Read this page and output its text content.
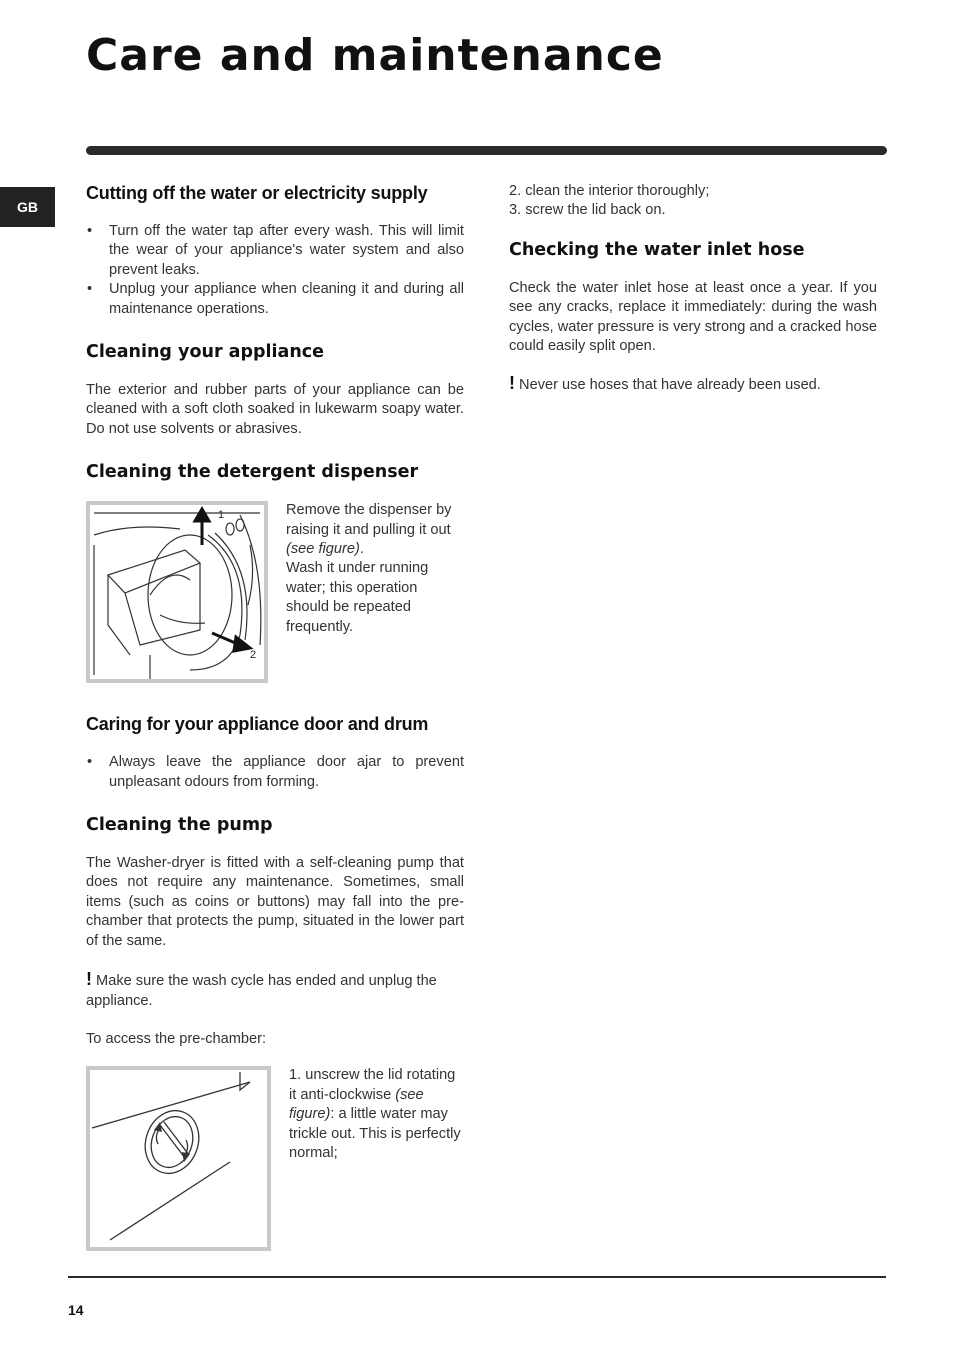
Care and maintenance
GB
Cutting off the water or electricity supply
• Turn off the water tap after every wash. This will limit the wear of your appliance's water system and also prevent leaks.
• Unplug your appliance when cleaning it and during all maintenance operations.
Cleaning your appliance

The exterior and rubber parts of your appliance can be cleaned with a soft cloth soaked in lukewarm soapy water. Do not use solvents or abrasives.

Cleaning the detergent dispenser
1
2

Remove the dispenser by raising it and pulling it out (see figure).

Wash it under running water; this operation should be repeated frequently.

Caring for your appliance door and drum
• Always leave the appliance door ajar to prevent unpleasant odours from forming.
Cleaning the pump

The Washer-dryer is fitted with a self-cleaning pump that does not require any maintenance. Sometimes, small items (such as coins or buttons) may fall into the pre-chamber that protects the pump, situated in the lower part of the same.

! Make sure the wash cycle has ended and unplug the appliance.

To access the pre-chamber:

1. unscrew the lid rotating it anti-clockwise (see figure): a little water may trickle out. This is perfectly normal;

2. clean the interior thoroughly;
3. screw the lid back on.
Checking the water inlet hose

Check the water inlet hose at least once a year. If you see any cracks, replace it immediately: during the wash cycles, water pressure is very strong and a cracked hose could easily split open.

! Never use hoses that have already been used.

14
